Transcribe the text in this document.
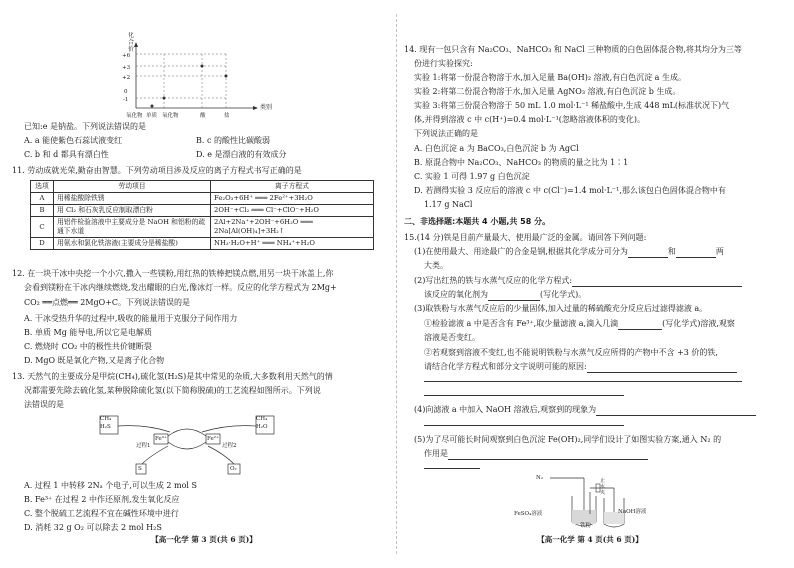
化合价

+6

+3

+2

0

-1

氧化物 单质 氧化物	酸	盐

类别

已知:e 是钠盐。下列说法错误的是

A. a 能使紫色石蕊试液变红	B. c 的酸性比碳酸弱

C. b 和 d 都具有漂白性	D. e 是漂白液的有效成分

11. 劳动成就光荣,勤奋由智慧。下列劳动项目涉及反应的离子方程式书写正确的是

选项	劳动项目	离子方程式
A	用稀盐酸除铁锈	Fe₂O₃+6H⁺ ═══ 2Fe²⁺+3H₂O
B	用 Cl₂ 和石灰乳反应制取漂白粉	2OH⁻+Cl₂ ═══ Cl⁻+ClO⁻+H₂O
C	用铝件检验溶液中主要成分是 NaOH 和铝粉的疏通下水道	2Al+2Na⁺+2OH⁻+6H₂O ═══ 2Na[Al(OH)₄]+3H₂↑
D	用氨水和氯化铁溶液(主要成分是稀盐酸)	NH₃·H₂O+H⁺ ═══ NH₄⁺+H₂O

12. 在一块干冰中央挖一个小穴,撒入一些镁粉,用红热的铁棒把镁点燃,用另一块干冰盖上,你

会看到镁粉在干冰内继续燃烧,发出耀眼的白光,像冰灯一样。反应的化学方程式为 2Mg+

CO₂ ══点燃══ 2MgO+C。下列说法错误的是

A. 干冰受热升华的过程中,吸收的能量用于克服分子间作用力

B. 单质 Mg 能导电,所以它是电解质

C. 燃烧时 CO₂ 中的极性共价键断裂

D. MgO 既是氧化产物,又是离子化合物

13. 天然气的主要成分是甲烷(CH₄),硫化氢(H₂S)是其中常见的杂质,大多数利用天然气的情

况都需要先除去硫化氢,某种脱除硫化氢(以下简称脱硫)的工艺流程如图所示。下列说

法错误的是

CH₄
H₂S

CH₄
H₂O

过程1

Fe³⁺	Fe²⁺

过程2

S	O₂

A. 过程 1 中转移 2Nₐ 个电子,可以生成 2 mol S

B. Fe³⁺ 在过程 2 中作还原剂,发生氧化反应

C. 整个脱硫工艺流程不宜在碱性环境中进行

D. 消耗 32 g O₂ 可以除去 2 mol H₂S

【高一化学 第 3 页(共 6 页)】

14. 现有一包只含有 Na₂CO₃、NaHCO₃ 和 NaCl 三种物质的白色固体混合物,将其均分为三等

份进行实验探究:

实验 1:将第一份混合物溶于水,加入足量 Ba(OH)₂ 溶液,有白色沉淀 a 生成。

实验 2:将第二份混合物溶于水,加入足量 AgNO₃ 溶液,有白色沉淀 b 生成。

实验 3:将第三份混合物溶于 50 mL 1.0 mol·L⁻¹ 稀盐酸中,生成 448 mL(标准状况下)气

体,并得到溶液 c 中 c(H⁺)=0.4 mol·L⁻¹(忽略溶液体积的变化)。

下列说法正确的是

A. 白色沉淀 a 为 BaCO₃,白色沉淀 b 为 AgCl

B. 原混合物中 Na₂CO₃、NaHCO₃ 的物质的量之比为 1∶1

C. 实验 1 可得 1.97 g 白色沉淀

D. 若测得实验 3 反应后的溶液 c 中 c(Cl⁻)=1.4 mol·L⁻¹,那么该包白色固体混合物中有

1.17 g NaCl

二、非选择题:本题共 4 小题,共 58 分。

15.(14 分)铁是目前产量最大、使用最广泛的金属。请回答下列问题:

(1)在使用最大、用途最广的合金是钢,根据其化学成分可分为	和	两

大类。

(2)写出红热的铁与水蒸气反应的化学方程式:

该反应的氧化剂为	(写化学式)。

(3)取铁粉与水蒸气反应后的少量固体,加入过量的稀硫酸充分反应后过滤得滤液 a。

①检验滤液 a 中是否含有 Fe³⁺,取少量滤液 a,滴入几滴	(写化学式)溶液,观察

溶液是否变红。

②若观察到溶液不变红,也不能说明铁粉与水蒸气反应所得的产物中不含 +3 价的铁,

请结合化学方程式和部分文字说明可能的原因:

(4)向滤液 a 中加入 NaOH 溶液后,观察到的现象为

(5)为了尽可能长时间观察到白色沉淀 Fe(OH)₂,同学们设计了如图实验方案,通入 N₂ 的

作用是

N₂	止水夹

FeSO₄溶液	NaOH溶液

铁粉

【高一化学 第 4 页(共 6 页)】
